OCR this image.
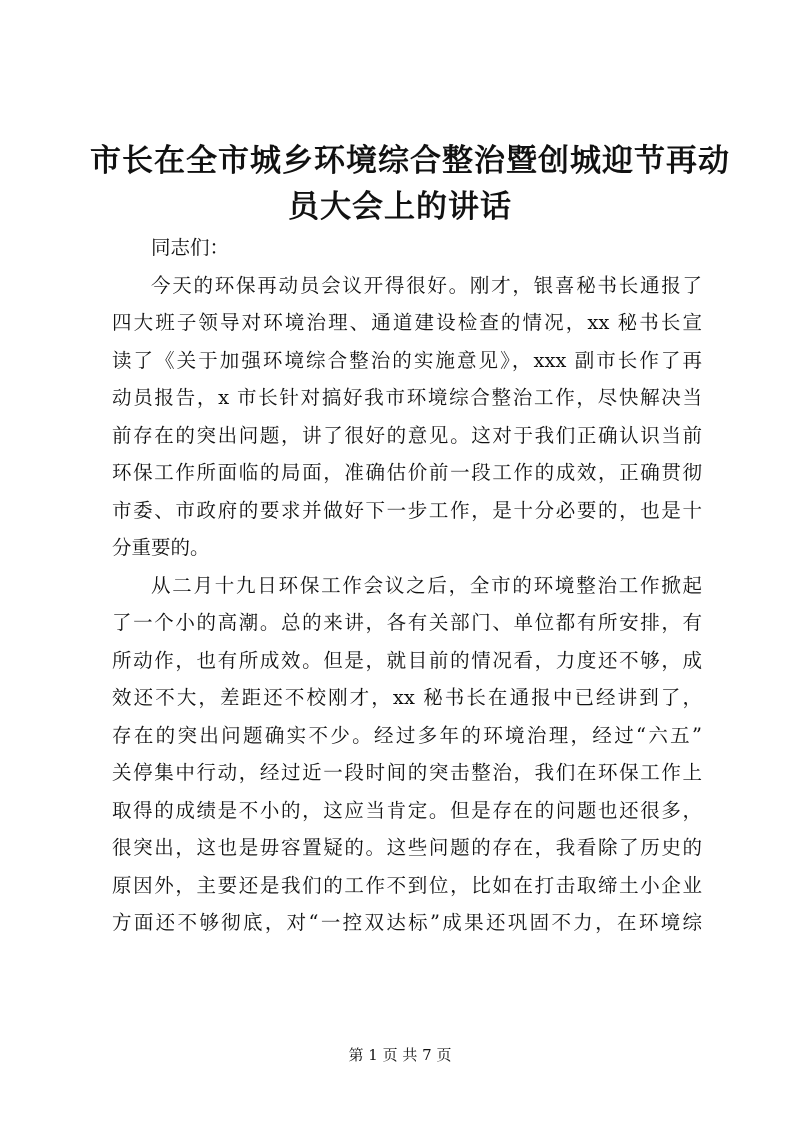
市长在全市城乡环境综合整治暨创城迎节再动
员大会上的讲话
同志们：
今天的环保再动员会议开得很好。刚才，银喜秘书长通报了
四大班子领导对环境治理、通道建设检查的情况，xx 秘书长宣
读了《关于加强环境综合整治的实施意见》，xxx 副市长作了再
动员报告，x 市长针对搞好我市环境综合整治工作，尽快解决当
前存在的突出问题，讲了很好的意见。这对于我们正确认识当前
环保工作所面临的局面，准确估价前一段工作的成效，正确贯彻
市委、市政府的要求并做好下一步工作，是十分必要的，也是十
分重要的。
从二月十九日环保工作会议之后，全市的环境整治工作掀起
了一个小的高潮。总的来讲，各有关部门、单位都有所安排，有
所动作，也有所成效。但是，就目前的情况看，力度还不够，成
效还不大，差距还不校刚才，xx 秘书长在通报中已经讲到了，
存在的突出问题确实不少。经过多年的环境治理，经过“六五”
关停集中行动，经过近一段时间的突击整治，我们在环保工作上
取得的成绩是不小的，这应当肯定。但是存在的问题也还很多，
很突出，这也是毋容置疑的。这些问题的存在，我看除了历史的
原因外，主要还是我们的工作不到位，比如在打击取缔土小企业
方面还不够彻底，对“一控双达标”成果还巩固不力，在环境综
第 1 页 共 7 页
